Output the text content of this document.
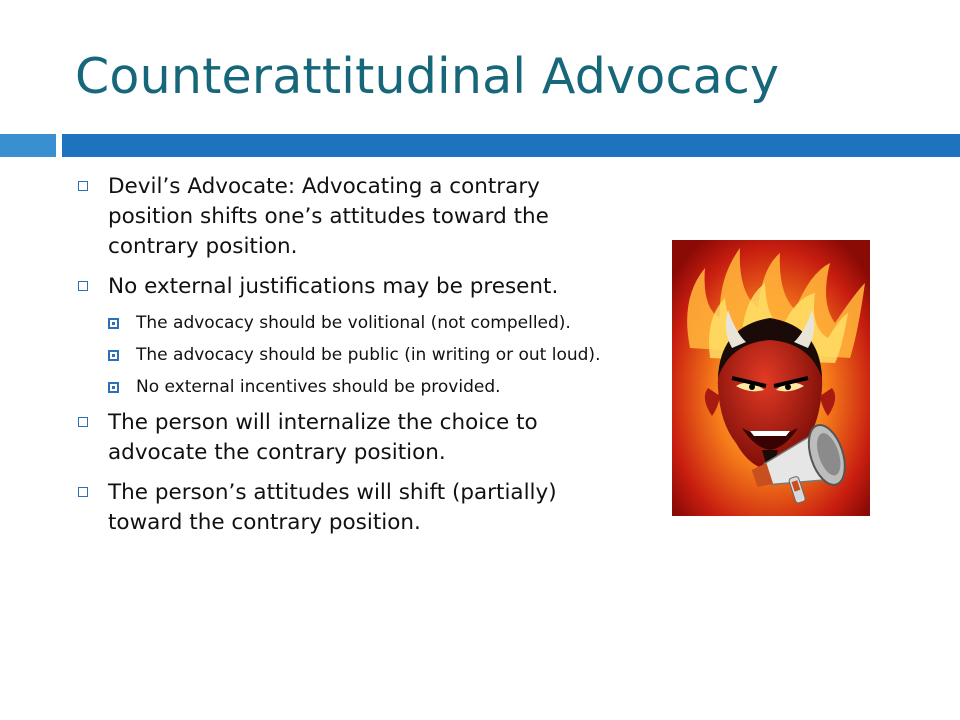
Counterattitudinal Advocacy
Devil’s Advocate: Advocating a contrary position shifts one’s attitudes toward the contrary position.
No external justifications may be present.
The advocacy should be volitional (not compelled).
The advocacy should be public (in writing or out loud).
No external incentives should be provided.
The person will internalize the choice to advocate the contrary position.
The person’s attitudes will shift (partially) toward the contrary position.
